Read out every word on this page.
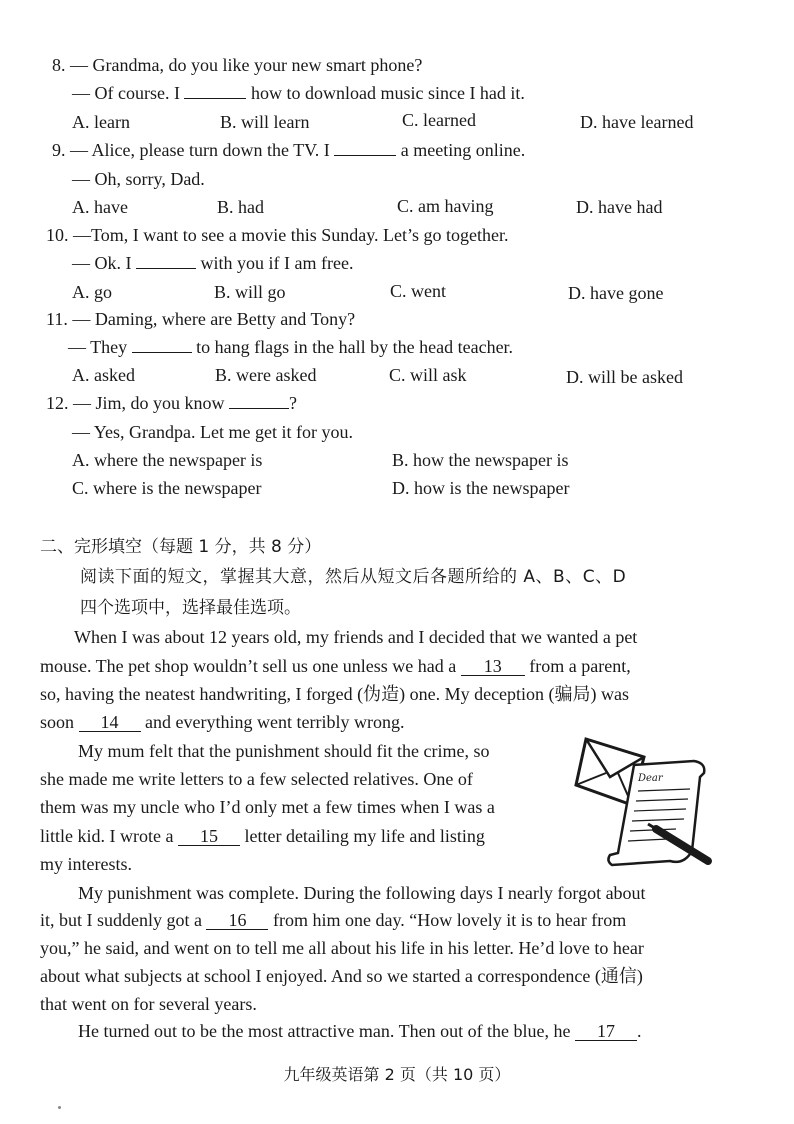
8. — Grandma, do you like your new smart phone?
— Of course. I	how to download music since I had it.
A. learn	B. will learn	C. learned	D. have learned
9. — Alice, please turn down the TV. I	a meeting online.
— Oh, sorry, Dad.
A. have	B. had	C. am having	D. have had
10. —Tom, I want to see a movie this Sunday. Let’s go together.
— Ok. I	with you if I am free.
A. go	B. will go	C. went	D. have gone
11. — Daming, where are Betty and Tony?
— They	to hang flags in the hall by the head teacher.
A. asked	B. were asked	C. will ask	D. will be asked
12. — Jim, do you know	?
— Yes, Grandpa. Let me get it for you.
A. where the newspaper is	B. how the newspaper is
C. where is the newspaper	D. how is the newspaper
二、完形填空（每题 1 分，共 8 分）
阅读下面的短文，掌握其大意，然后从短文后各题所给的 A、B、C、D
四个选项中，选择最佳选项。
When I was about 12 years old, my friends and I decided that we wanted a pet
mouse. The pet shop wouldn’t sell us one unless we had a 13 from a parent,
so, having the neatest handwriting, I forged (伪造) one. My deception (骗局) was
soon 14 and everything went terribly wrong.
My mum felt that the punishment should fit the crime, so
she made me write letters to a few selected relatives. One of
them was my uncle who I’d only met a few times when I was a
little kid. I wrote a 15 letter detailing my life and listing
my interests.
Dear
My punishment was complete. During the following days I nearly forgot about
it, but I suddenly got a 16 from him one day. “How lovely it is to hear from
you,” he said, and went on to tell me all about his life in his letter. He’d love to hear
about what subjects at school I enjoyed. And so we started a correspondence (通信)
that went on for several years.
He turned out to be the most attractive man. Then out of the blue, he 17 .
九年级英语第 2 页（共 10 页）
